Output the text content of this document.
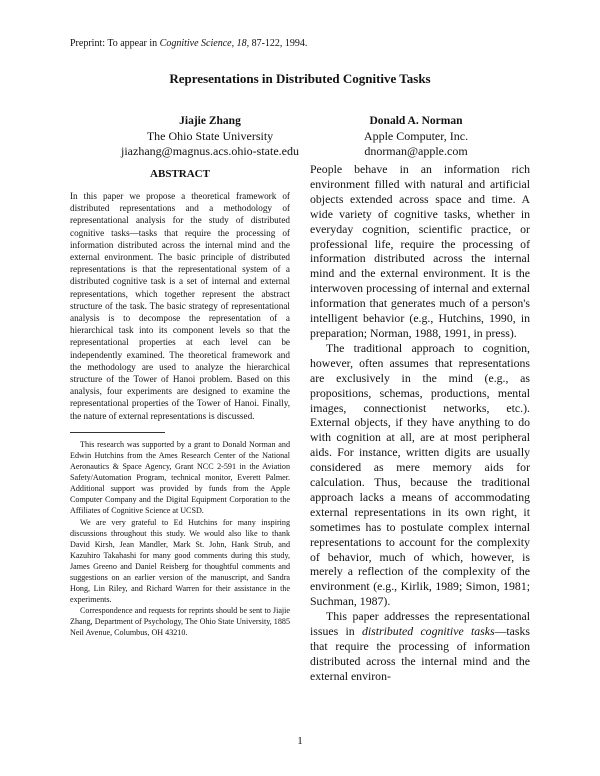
Preprint: To appear in Cognitive Science, 18, 87-122, 1994.
Representations in Distributed Cognitive Tasks
Jiajie Zhang
The Ohio State University
jiazhang@magnus.acs.ohio-state.edu
Donald A. Norman
Apple Computer, Inc.
dnorman@apple.com
ABSTRACT

In this paper we propose a theoretical framework of distributed representations and a methodology of representational analysis for the study of distributed cognitive tasks—tasks that require the processing of information distributed across the internal mind and the external environment. The basic principle of distributed representations is that the representational system of a distributed cognitive task is a set of internal and external representations, which together represent the abstract structure of the task. The basic strategy of representational analysis is to decompose the representation of a hierarchical task into its component levels so that the representational properties at each level can be independently examined. The theoretical framework and the methodology are used to analyze the hierarchical structure of the Tower of Hanoi problem. Based on this analysis, four experiments are designed to examine the representational properties of the Tower of Hanoi. Finally, the nature of external representations is discussed.

This research was supported by a grant to Donald Norman and Edwin Hutchins from the Ames Research Center of the National Aeronautics & Space Agency, Grant NCC 2-591 in the Aviation Safety/Automation Program, technical monitor, Everett Palmer. Additional support was provided by funds from the Apple Computer Company and the Digital Equipment Corporation to the Affiliates of Cognitive Science at UCSD.

We are very grateful to Ed Hutchins for many inspiring discussions throughout this study. We would also like to thank David Kirsh, Jean Mandler, Mark St. John, Hank Strub, and Kazuhiro Takahashi for many good comments during this study, James Greeno and Daniel Reisberg for thoughtful comments and suggestions on an earlier version of the manuscript, and Sandra Hong, Lin Riley, and Richard Warren for their assistance in the experiments.

Correspondence and requests for reprints should be sent to Jiajie Zhang, Department of Psychology, The Ohio State University, 1885 Neil Avenue, Columbus, OH 43210.

People behave in an information rich environment filled with natural and artificial objects extended across space and time. A wide variety of cognitive tasks, whether in everyday cognition, scientific practice, or professional life, require the processing of information distributed across the internal mind and the external environment. It is the interwoven processing of internal and external information that generates much of a person's intelligent behavior (e.g., Hutchins, 1990, in preparation; Norman, 1988, 1991, in press).

The traditional approach to cognition, however, often assumes that representations are exclusively in the mind (e.g., as propositions, schemas, productions, mental images, connectionist networks, etc.). External objects, if they have anything to do with cognition at all, are at most peripheral aids. For instance, written digits are usually considered as mere memory aids for calculation. Thus, because the traditional approach lacks a means of accommodating external representations in its own right, it sometimes has to postulate complex internal representations to account for the complexity of behavior, much of which, however, is merely a reflection of the complexity of the environment (e.g., Kirlik, 1989; Simon, 1981; Suchman, 1987).

This paper addresses the representational issues in distributed cognitive tasks—tasks that require the processing of information distributed across the internal mind and the external environ-

1
